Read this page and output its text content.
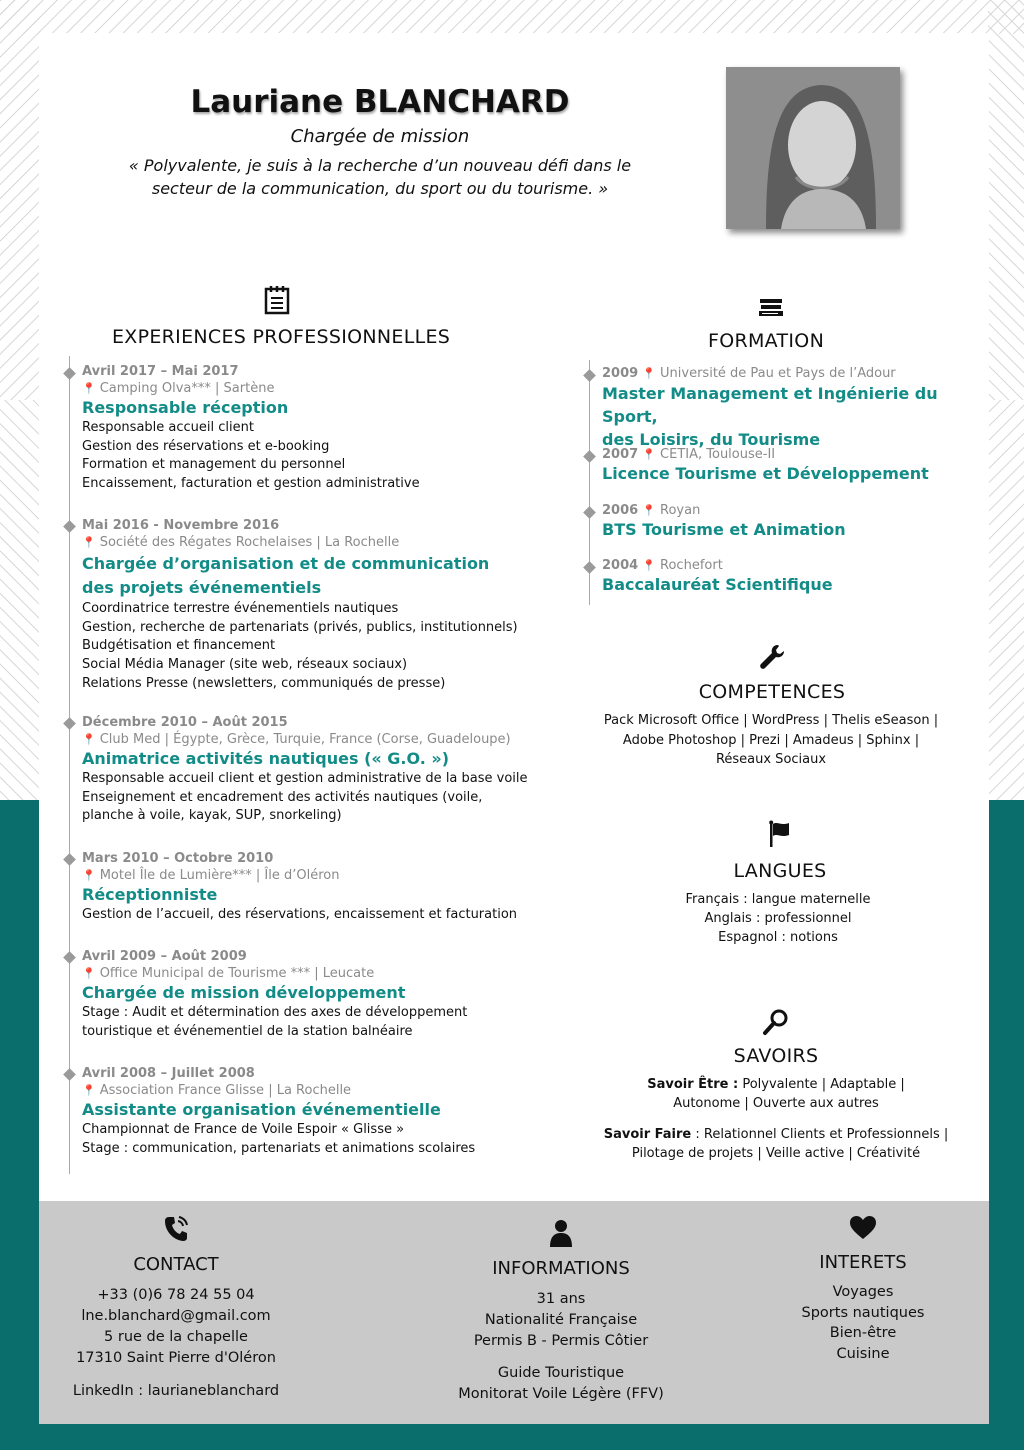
Lauriane BLANCHARD
Chargée de mission
« Polyvalente, je suis à la recherche d’un nouveau défi dans le
secteur de la communication, du sport ou du tourisme. »
EXPERIENCES PROFESSIONNELLES
Avril 2017 – Mai 2017
📍 Camping Olva*** | Sartène
Responsable réception
Responsable accueil client
Gestion des réservations et e-booking
Formation et management du personnel
Encaissement, facturation et gestion administrative
Mai 2016 - Novembre 2016
📍 Société des Régates Rochelaises | La Rochelle
Chargée d’organisation et de communication
des projets événementiels
Coordinatrice terrestre événementiels nautiques
Gestion, recherche de partenariats (privés, publics, institutionnels)
Budgétisation et financement
Social Média Manager (site web, réseaux sociaux)
Relations Presse (newsletters, communiqués de presse)
Décembre 2010 – Août 2015
📍 Club Med | Égypte, Grèce, Turquie, France (Corse, Guadeloupe)
Animatrice activités nautiques (« G.O. »)
Responsable accueil client et gestion administrative de la base voile
Enseignement et encadrement des activités nautiques (voile,
planche à voile, kayak, SUP, snorkeling)
Mars 2010 – Octobre 2010
📍 Motel Île de Lumière*** | Île d’Oléron
Réceptionniste
Gestion de l’accueil, des réservations, encaissement et facturation
Avril 2009 – Août 2009
📍 Office Municipal de Tourisme *** | Leucate
Chargée de mission développement
Stage : Audit et détermination des axes de développement
touristique et événementiel de la station balnéaire
Avril 2008 – Juillet 2008
📍 Association France Glisse | La Rochelle
Assistante organisation événementielle
Championnat de France de Voile Espoir « Glisse »
Stage : communication, partenariats et animations scolaires
FORMATION
2009 📍 Université de Pau et Pays de l’Adour
Master Management et Ingénierie du Sport,
des Loisirs, du Tourisme
2007 📍 CETIA, Toulouse-II
Licence Tourisme et Développement
2006 📍 Royan
BTS Tourisme et Animation
2004 📍 Rochefort
Baccalauréat Scientifique
COMPETENCES
Pack Microsoft Office | WordPress | Thelis eSeason |
Adobe Photoshop | Prezi | Amadeus | Sphinx |
Réseaux Sociaux
LANGUES
Français : langue maternelle
Anglais : professionnel
Espagnol : notions
SAVOIRS
Savoir Être : Polyvalente | Adaptable |
Autonome | Ouverte aux autres
Savoir Faire : Relationnel Clients et Professionnels |
Pilotage de projets | Veille active | Créativité
CONTACT
+33 (0)6 78 24 55 04
lne.blanchard@gmail.com
5 rue de la chapelle
17310 Saint Pierre d'Oléron
LinkedIn : laurianeblanchard
INFORMATIONS
31 ans
Nationalité Française
Permis B - Permis Côtier
Guide Touristique
Monitorat Voile Légère (FFV)
INTERETS
Voyages
Sports nautiques
Bien-être
Cuisine
